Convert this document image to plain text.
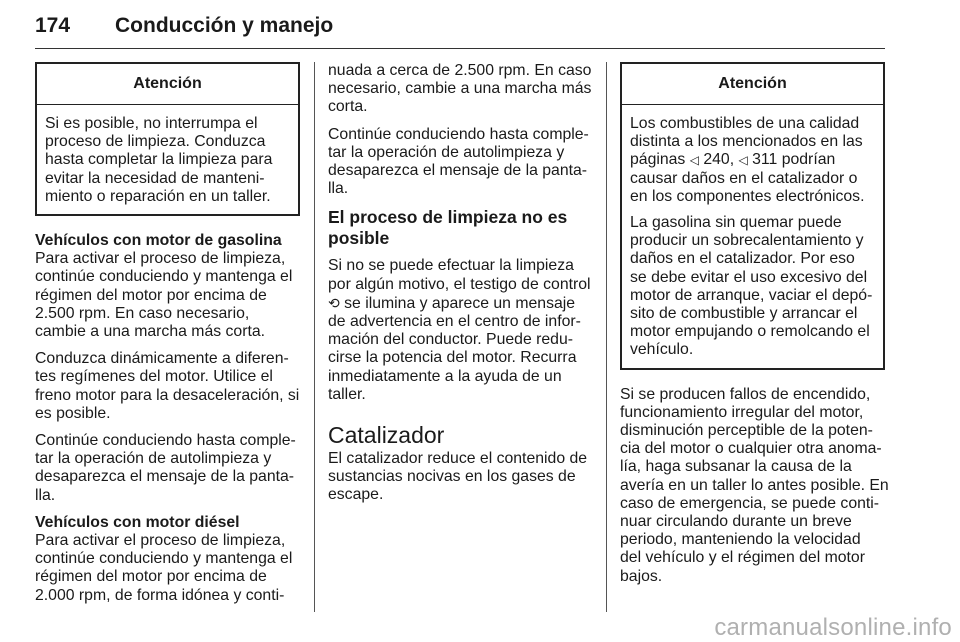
174 Conducción y manejo
Atención

Si es posible, no interrumpa el
proceso de limpieza. Conduzca
hasta completar la limpieza para
evitar la necesidad de manteni-
miento o reparación en un taller.

Vehículos con motor de gasolina
Para activar el proceso de limpieza,
continúe conduciendo y mantenga el
régimen del motor por encima de
2.500 rpm. En caso necesario,
cambie a una marcha más corta.

Conduzca dinámicamente a diferen-
tes regímenes del motor. Utilice el
freno motor para la desaceleración, si
es posible.

Continúe conduciendo hasta comple-
tar la operación de autolimpieza y
desaparezca el mensaje de la panta-
lla.

Vehículos con motor diésel
Para activar el proceso de limpieza,
continúe conduciendo y mantenga el
régimen del motor por encima de
2.000 rpm, de forma idónea y conti-

nuada a cerca de 2.500 rpm. En caso
necesario, cambie a una marcha más
corta.

Continúe conduciendo hasta comple-
tar la operación de autolimpieza y
desaparezca el mensaje de la panta-
lla.

El proceso de limpieza no es
posible

Si no se puede efectuar la limpieza
por algún motivo, el testigo de control
⟲ se ilumina y aparece un mensaje
de advertencia en el centro de infor-
mación del conductor. Puede redu-
cirse la potencia del motor. Recurra
inmediatamente a la ayuda de un
taller.

Catalizador

El catalizador reduce el contenido de
sustancias nocivas en los gases de
escape.

Atención

Los combustibles de una calidad
distinta a los mencionados en las
páginas ◁ 240, ◁ 311 podrían
causar daños en el catalizador o
en los componentes electrónicos.

La gasolina sin quemar puede
producir un sobrecalentamiento y
daños en el catalizador. Por eso
se debe evitar el uso excesivo del
motor de arranque, vaciar el depó-
sito de combustible y arrancar el
motor empujando o remolcando el
vehículo.

Si se producen fallos de encendido,
funcionamiento irregular del motor,
disminución perceptible de la poten-
cia del motor o cualquier otra anoma-
lía, haga subsanar la causa de la
avería en un taller lo antes posible. En
caso de emergencia, se puede conti-
nuar circulando durante un breve
periodo, manteniendo la velocidad
del vehículo y el régimen del motor
bajos.

carmanualsonline.info
